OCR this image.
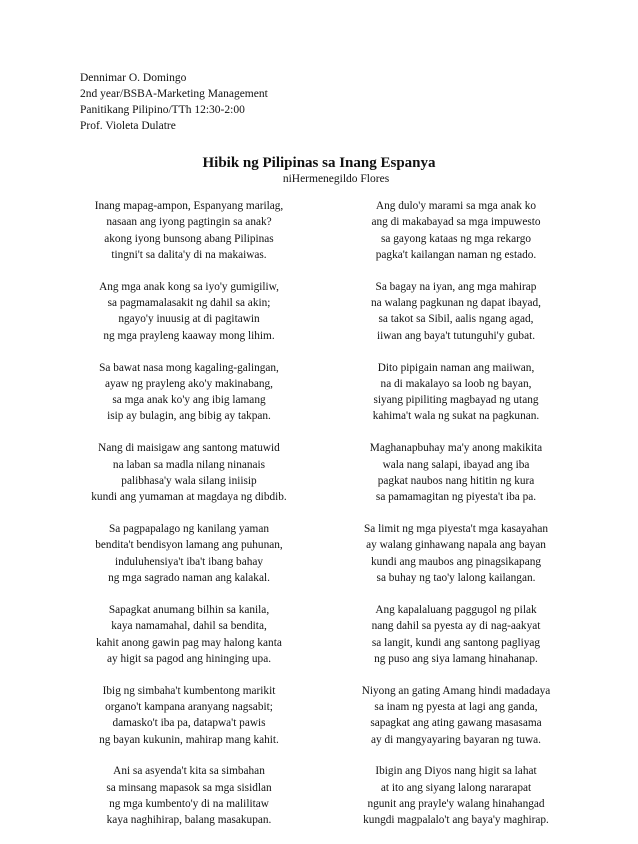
Dennimar O. Domingo
2nd year/BSBA-Marketing Management
Panitikang Pilipino/TTh 12:30-2:00
Prof. Violeta Dulatre
Hibik ng Pilipinas sa Inang Espanya
niHermenegildo Flores
Inang mapag-ampon, Espanyang marilag,
nasaan ang iyong pagtingin sa anak?
akong iyong bunsong abang Pilipinas
tingni't sa dalita'y di na makaiwas.
Ang mga anak kong sa iyo'y gumigiliw,
sa pagmamalasakit ng dahil sa akin;
ngayo'y inuusig at di pagitawin
ng mga prayleng kaaway mong lihim.
Sa bawat nasa mong kagaling-galingan,
ayaw ng prayleng ako'y makinabang,
sa mga anak ko'y ang ibig lamang
isip ay bulagin, ang bibig ay takpan.
Nang di maisigaw ang santong matuwid
na laban sa madla nilang ninanais
palibhasa'y wala silang iniisip
kundi ang yumaman at magdaya ng dibdib.
Sa pagpapalago ng kanilang yaman
bendita't bendisyon lamang ang puhunan,
induluhensiya't iba't ibang bahay
ng mga sagrado naman ang kalakal.
Sapagkat anumang bilhin sa kanila,
kaya namamahal, dahil sa bendita,
kahit anong gawin pag may halong kanta
ay higit sa pagod ang hininging upa.
Ibig ng simbaha't kumbentong marikit
organo't kampana aranyang nagsabit;
damasko't iba pa, datapwa't pawis
ng bayan kukunin, mahirap mang kahit.
Ani sa asyenda't kita sa simbahan
sa minsang mapasok sa mga sisidlan
ng mga kumbento'y di na malilitaw
kaya naghihirap, balang masakupan.
Ang dulo'y marami sa mga anak ko
ang di makabayad sa mga impuwesto
sa gayong kataas ng mga rekargo
pagka't kailangan naman ng estado.
Sa bagay na iyan, ang mga mahirap
na walang pagkunan ng dapat ibayad,
sa takot sa Sibil, aalis ngang agad,
iiwan ang baya't tutunguhi'y gubat.
Dito pipigain naman ang maiiwan,
na di makalayo sa loob ng bayan,
siyang pipiliting magbayad ng utang
kahima't wala ng sukat na pagkunan.
Maghanapbuhay ma'y anong makikita
wala nang salapi, ibayad ang iba
pagkat naubos nang hititin ng kura
sa pamamagitan ng piyesta't iba pa.
Sa limit ng mga piyesta't mga kasayahan
ay walang ginhawang napala ang bayan
kundi ang maubos ang pinagsikapang
sa buhay ng tao'y lalong kailangan.
Ang kapalaluang paggugol ng pilak
nang dahil sa pyesta ay di nag-aakyat
sa langit, kundi ang santong pagliyag
ng puso ang siya lamang hinahanap.
Niyong an gating Amang hindi madadaya
sa inam ng pyesta at lagi ang ganda,
sapagkat ang ating gawang masasama
ay di mangyayaring bayaran ng tuwa.
Ibigin ang Diyos nang higit sa lahat
at ito ang siyang lalong nararapat
ngunit ang prayle'y walang hinahangad
kungdi magpalalo't ang baya'y maghirap.
